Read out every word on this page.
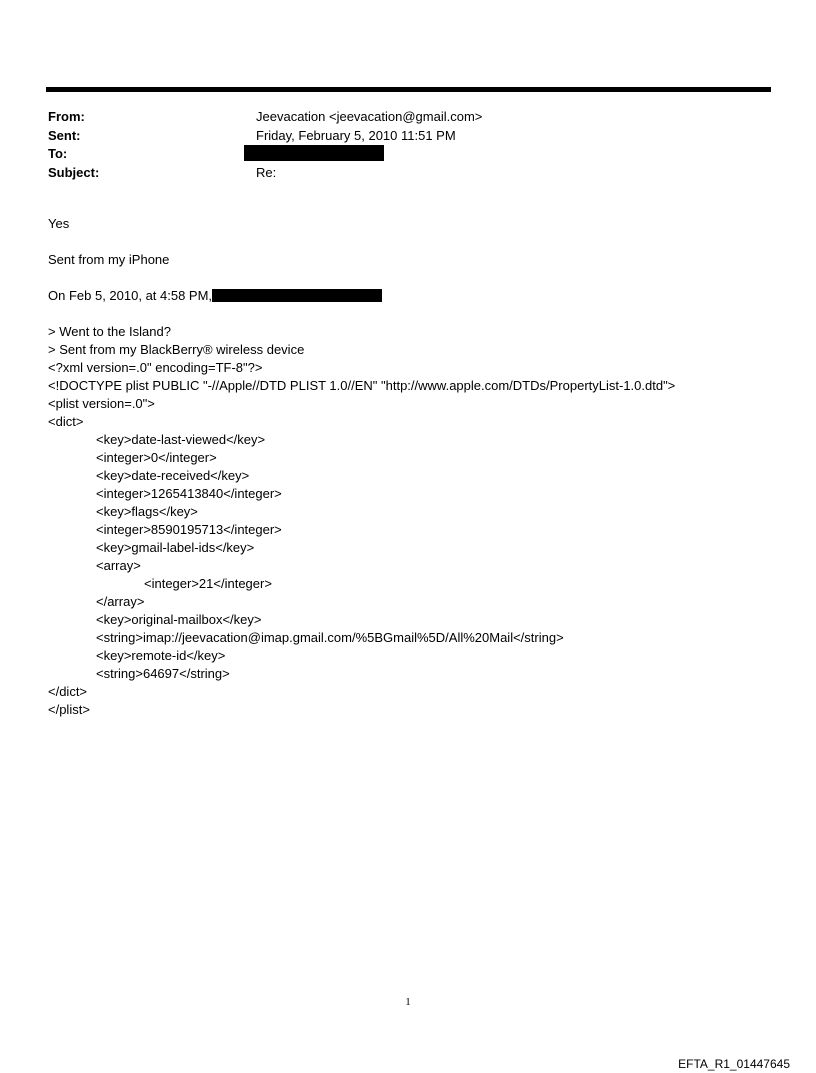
From:	Jeevacation <jeevacation@gmail.com>
Sent:	Friday, February 5, 2010 11:51 PM
To:
Subject:	Re:
Yes
Sent from my iPhone
On Feb 5, 2010, at 4:58 PM,
> Went to the Island?
> Sent from my BlackBerry® wireless device
<?xml version=.0" encoding=TF-8"?>
<!DOCTYPE plist PUBLIC "-//Apple//DTD PLIST 1.0//EN" "http://www.apple.com/DTDs/PropertyList-1.0.dtd">
<plist version=.0">
<dict>
<key>date-last-viewed</key>
<integer>0</integer>
<key>date-received</key>
<integer>1265413840</integer>
<key>flags</key>
<integer>8590195713</integer>
<key>gmail-label-ids</key>
<array>
<integer>21</integer>
</array>
<key>original-mailbox</key>
<string>imap://jeevacation@imap.gmail.com/%5BGmail%5D/All%20Mail</string>
<key>remote-id</key>
<string>64697</string>
</dict>
</plist>
1
EFTA_R1_01447645
